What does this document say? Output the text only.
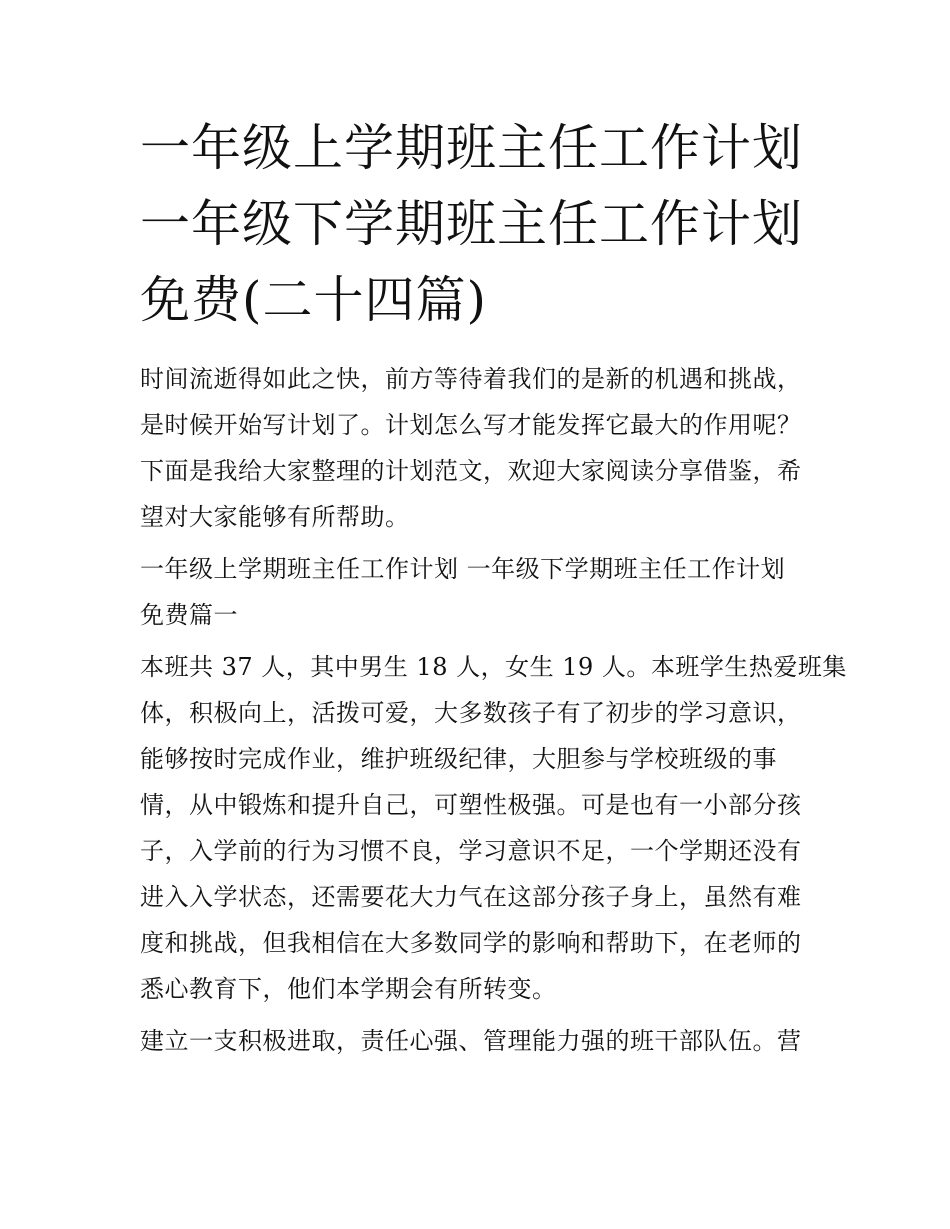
一年级上学期班主任工作计划
一年级下学期班主任工作计划
免费(二十四篇)

时间流逝得如此之快，前方等待着我们的是新的机遇和挑战，
是时候开始写计划了。计划怎么写才能发挥它最大的作用呢？
下面是我给大家整理的计划范文，欢迎大家阅读分享借鉴，希
望对大家能够有所帮助。

一年级上学期班主任工作计划 一年级下学期班主任工作计划
免费篇一

本班共 37 人，其中男生 18 人，女生 19 人。本班学生热爱班集
体，积极向上，活拨可爱，大多数孩子有了初步的学习意识，
能够按时完成作业，维护班级纪律，大胆参与学校班级的事
情，从中锻炼和提升自己，可塑性极强。可是也有一小部分孩
子，入学前的行为习惯不良，学习意识不足，一个学期还没有
进入入学状态，还需要花大力气在这部分孩子身上，虽然有难
度和挑战，但我相信在大多数同学的影响和帮助下，在老师的
悉心教育下，他们本学期会有所转变。

建立一支积极进取，责任心强、管理能力强的班干部队伍。营
